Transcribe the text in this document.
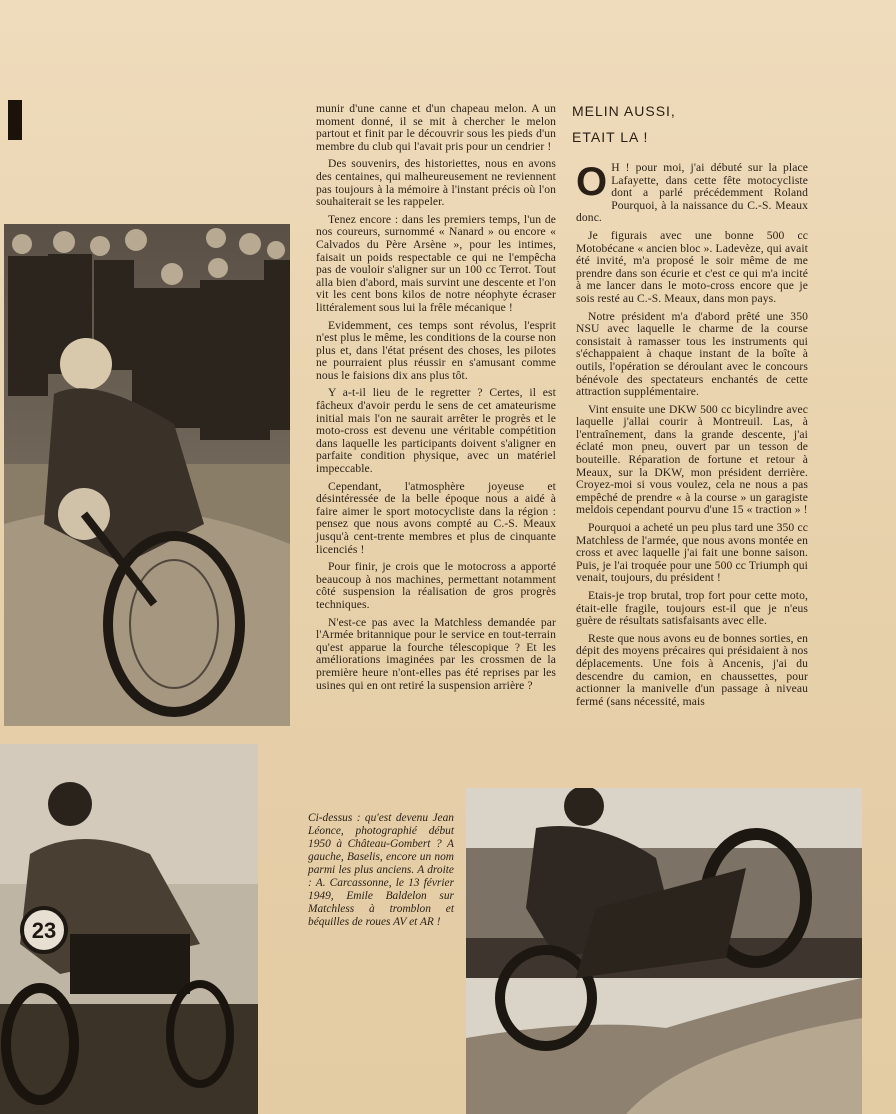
23

munir d'une canne et d'un chapeau melon. A un moment donné, il se mit à chercher le melon partout et finit par le découvrir sous les pieds d'un membre du club qui l'avait pris pour un cendrier !

Des souvenirs, des historiettes, nous en avons des centaines, qui malheureusement ne reviennent pas toujours à la mémoire à l'instant précis où l'on souhaiterait se les rappeler.

Tenez encore : dans les premiers temps, l'un de nos coureurs, surnommé « Nanard » ou encore « Calvados du Père Arsène », pour les intimes, faisait un poids respectable ce qui ne l'empêcha pas de vouloir s'aligner sur un 100 cc Terrot. Tout alla bien d'abord, mais survint une descente et l'on vit les cent bons kilos de notre néophyte écraser littéralement sous lui la frêle mécanique !

Evidemment, ces temps sont révolus, l'esprit n'est plus le même, les conditions de la course non plus et, dans l'état présent des choses, les pilotes ne pourraient plus réussir en s'amusant comme nous le faisions dix ans plus tôt.

Y a-t-il lieu de le regretter ? Certes, il est fâcheux d'avoir perdu le sens de cet amateurisme initial mais l'on ne saurait arrêter le progrès et le moto-cross est devenu une véritable compétition dans laquelle les participants doivent s'aligner en parfaite condition physique, avec un matériel impeccable.

Cependant, l'atmosphère joyeuse et désintéressée de la belle époque nous a aidé à faire aimer le sport motocycliste dans la région : pensez que nous avons compté au C.-S. Meaux jusqu'à cent-trente membres et plus de cinquante licenciés !

Pour finir, je crois que le motocross a apporté beaucoup à nos machines, permettant notamment côté suspension la réalisation de gros progrès techniques.

N'est-ce pas avec la Matchless demandée par l'Armée britannique pour le service en tout-terrain qu'est apparue la fourche télescopique ? Et les améliorations imaginées par les crossmen de la première heure n'ont-elles pas été reprises par les usines qui en ont retiré la suspension arrière ?

MELIN AUSSI,
ETAIT LA !

O H ! pour moi, j'ai débuté sur la place Lafayette, dans cette fête motocycliste dont a parlé précédemment Roland Pourquoi, à la naissance du C.-S. Meaux donc.

Je figurais avec une bonne 500 cc Motobécane « ancien bloc ». Ladevèze, qui avait été invité, m'a proposé le soir même de me prendre dans son écurie et c'est ce qui m'a incité à me lancer dans le moto-cross encore que je sois resté au C.-S. Meaux, dans mon pays.

Notre président m'a d'abord prêté une 350 NSU avec laquelle le charme de la course consistait à ramasser tous les instruments qui s'échappaient à chaque instant de la boîte à outils, l'opération se déroulant avec le concours bénévole des spectateurs enchantés de cette attraction supplémentaire.

Vint ensuite une DKW 500 cc bicylindre avec laquelle j'allai courir à Montreuil. Las, à l'entraînement, dans la grande descente, j'ai éclaté mon pneu, ouvert par un tesson de bouteille. Réparation de fortune et retour à Meaux, sur la DKW, mon président derrière. Croyez-moi si vous voulez, cela ne nous a pas empêché de prendre « à la course » un garagiste meldois cependant pourvu d'une 15 « traction » !

Pourquoi a acheté un peu plus tard une 350 cc Matchless de l'armée, que nous avons montée en cross et avec laquelle j'ai fait une bonne saison. Puis, je l'ai troquée pour une 500 cc Triumph qui venait, toujours, du président !

Etais-je trop brutal, trop fort pour cette moto, était-elle fragile, toujours est-il que je n'eus guère de résultats satisfaisants avec elle.

Reste que nous avons eu de bonnes sorties, en dépit des moyens précaires qui présidaient à nos déplacements. Une fois à Ancenis, j'ai du descendre du camion, en chaussettes, pour actionner la manivelle d'un passage à niveau fermé (sans nécessité, mais

Ci-dessus : qu'est devenu Jean Léonce, photographié début 1950 à Château-Gombert ? A gauche, Baselis, encore un nom parmi les plus anciens. A droite : A. Carcassonne, le 13 février 1949, Emile Baldelon sur Matchless à tromblon et béquilles de roues AV et AR !
